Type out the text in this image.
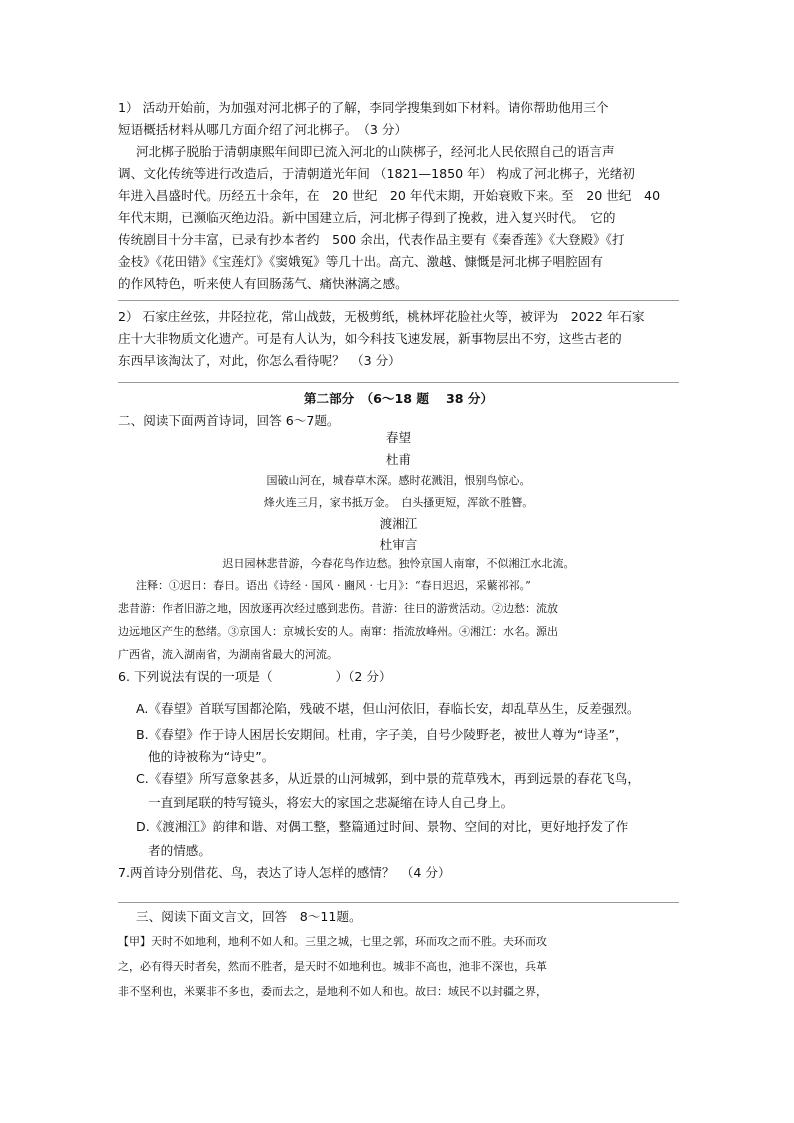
1） 活动开始前，为加强对河北梆子的了解，李同学搜集到如下材料。请你帮助他用三个

短语概括材料从哪几方面介绍了河北梆子。　（3 分）

河北梆子脱胎于清朝康熙年间即已流入河北的山陕梆子，经河北人民依照自己的语言声

调、文化传统等进行改造后，于清朝道光年间 （1821—1850 年） 构成了河北梆子，光绪初

年进入昌盛时代。历经五十余年，在　20 世纪　20 年代末期，开始衰败下来。至　20 世纪　40

年代末期，已濒临灭绝边沿。新中国建立后，河北梆子得到了挽救，进入复兴时代。　它的

传统剧目十分丰富，已录有抄本者约　500 余出，代表作品主要有《秦香莲》《大登殿》《打

金枝》《花田错》《宝莲灯》《窦娥冤》等几十出。高亢、激越、慷慨是河北梆子唱腔固有

的作风特色，听来使人有回肠荡气、痛快淋漓之感。

2） 石家庄丝弦，井陉拉花，常山战鼓，无极剪纸，桃林坪花脸社火等，被评为　2022 年石家

庄十大非物质文化遗产。可是有人认为，如今科技飞速发展，新事物层出不穷，这些古老的

东西早该淘汰了，对此，你怎么看待呢？　（3 分）

第二部分　（6～18 题　 38 分）

二、阅读下面两首诗词，回答 6～7题。

春望
杜甫
国破山河在，城春草木深。感时花溅泪，恨别鸟惊心。
烽火连三月，家书抵万金。　白头搔更短，浑欲不胜簪。
渡湘江
杜审言
迟日园林悲昔游，今春花鸟作边愁。独怜京国人南窜，不似湘江水北流。

注释：①迟日：春日。语出《诗经 · 国风 · 豳风 · 七月》：“春日迟迟，采蘩祁祁。”

悲昔游：作者旧游之地，因放逐再次经过感到悲伤。昔游：往日的游赏活动。②边愁：流放

边远地区产生的愁绪。③京国人：京城长安的人。南窜：指流放峰州。④湘江：水名。源出

广西省，流入湖南省，为湖南省最大的河流。

6. 下列说法有误的一项是（　　　　　）（2 分）

A.《春望》首联写国都沦陷，残破不堪，但山河依旧，春临长安，却乱草丛生，反差强烈。

B.《春望》作于诗人困居长安期间。杜甫，字子美，自号少陵野老，被世人尊为“诗圣”，

他的诗被称为“诗史”。

C.《春望》所写意象甚多，从近景的山河城郭，到中景的荒草残木，再到远景的春花飞鸟，

一直到尾联的特写镜头，将宏大的家国之悲凝缩在诗人自己身上。

D.《渡湘江》韵律和谐、对偶工整，整篇通过时间、景物、空间的对比，更好地抒发了作

者的情感。

7.两首诗分别借花、鸟，表达了诗人怎样的感情？　（4 分）

三、阅读下面文言文，回答　8～11题。

【甲】天时不如地利，地利不如人和。三里之城，七里之郭，环而攻之而不胜。夫环而攻

之，必有得天时者矣，然而不胜者，是天时不如地利也。城非不高也，池非不深也，兵革

非不坚利也，米粟非不多也，委而去之，是地利不如人和也。故曰：域民不以封疆之界，
